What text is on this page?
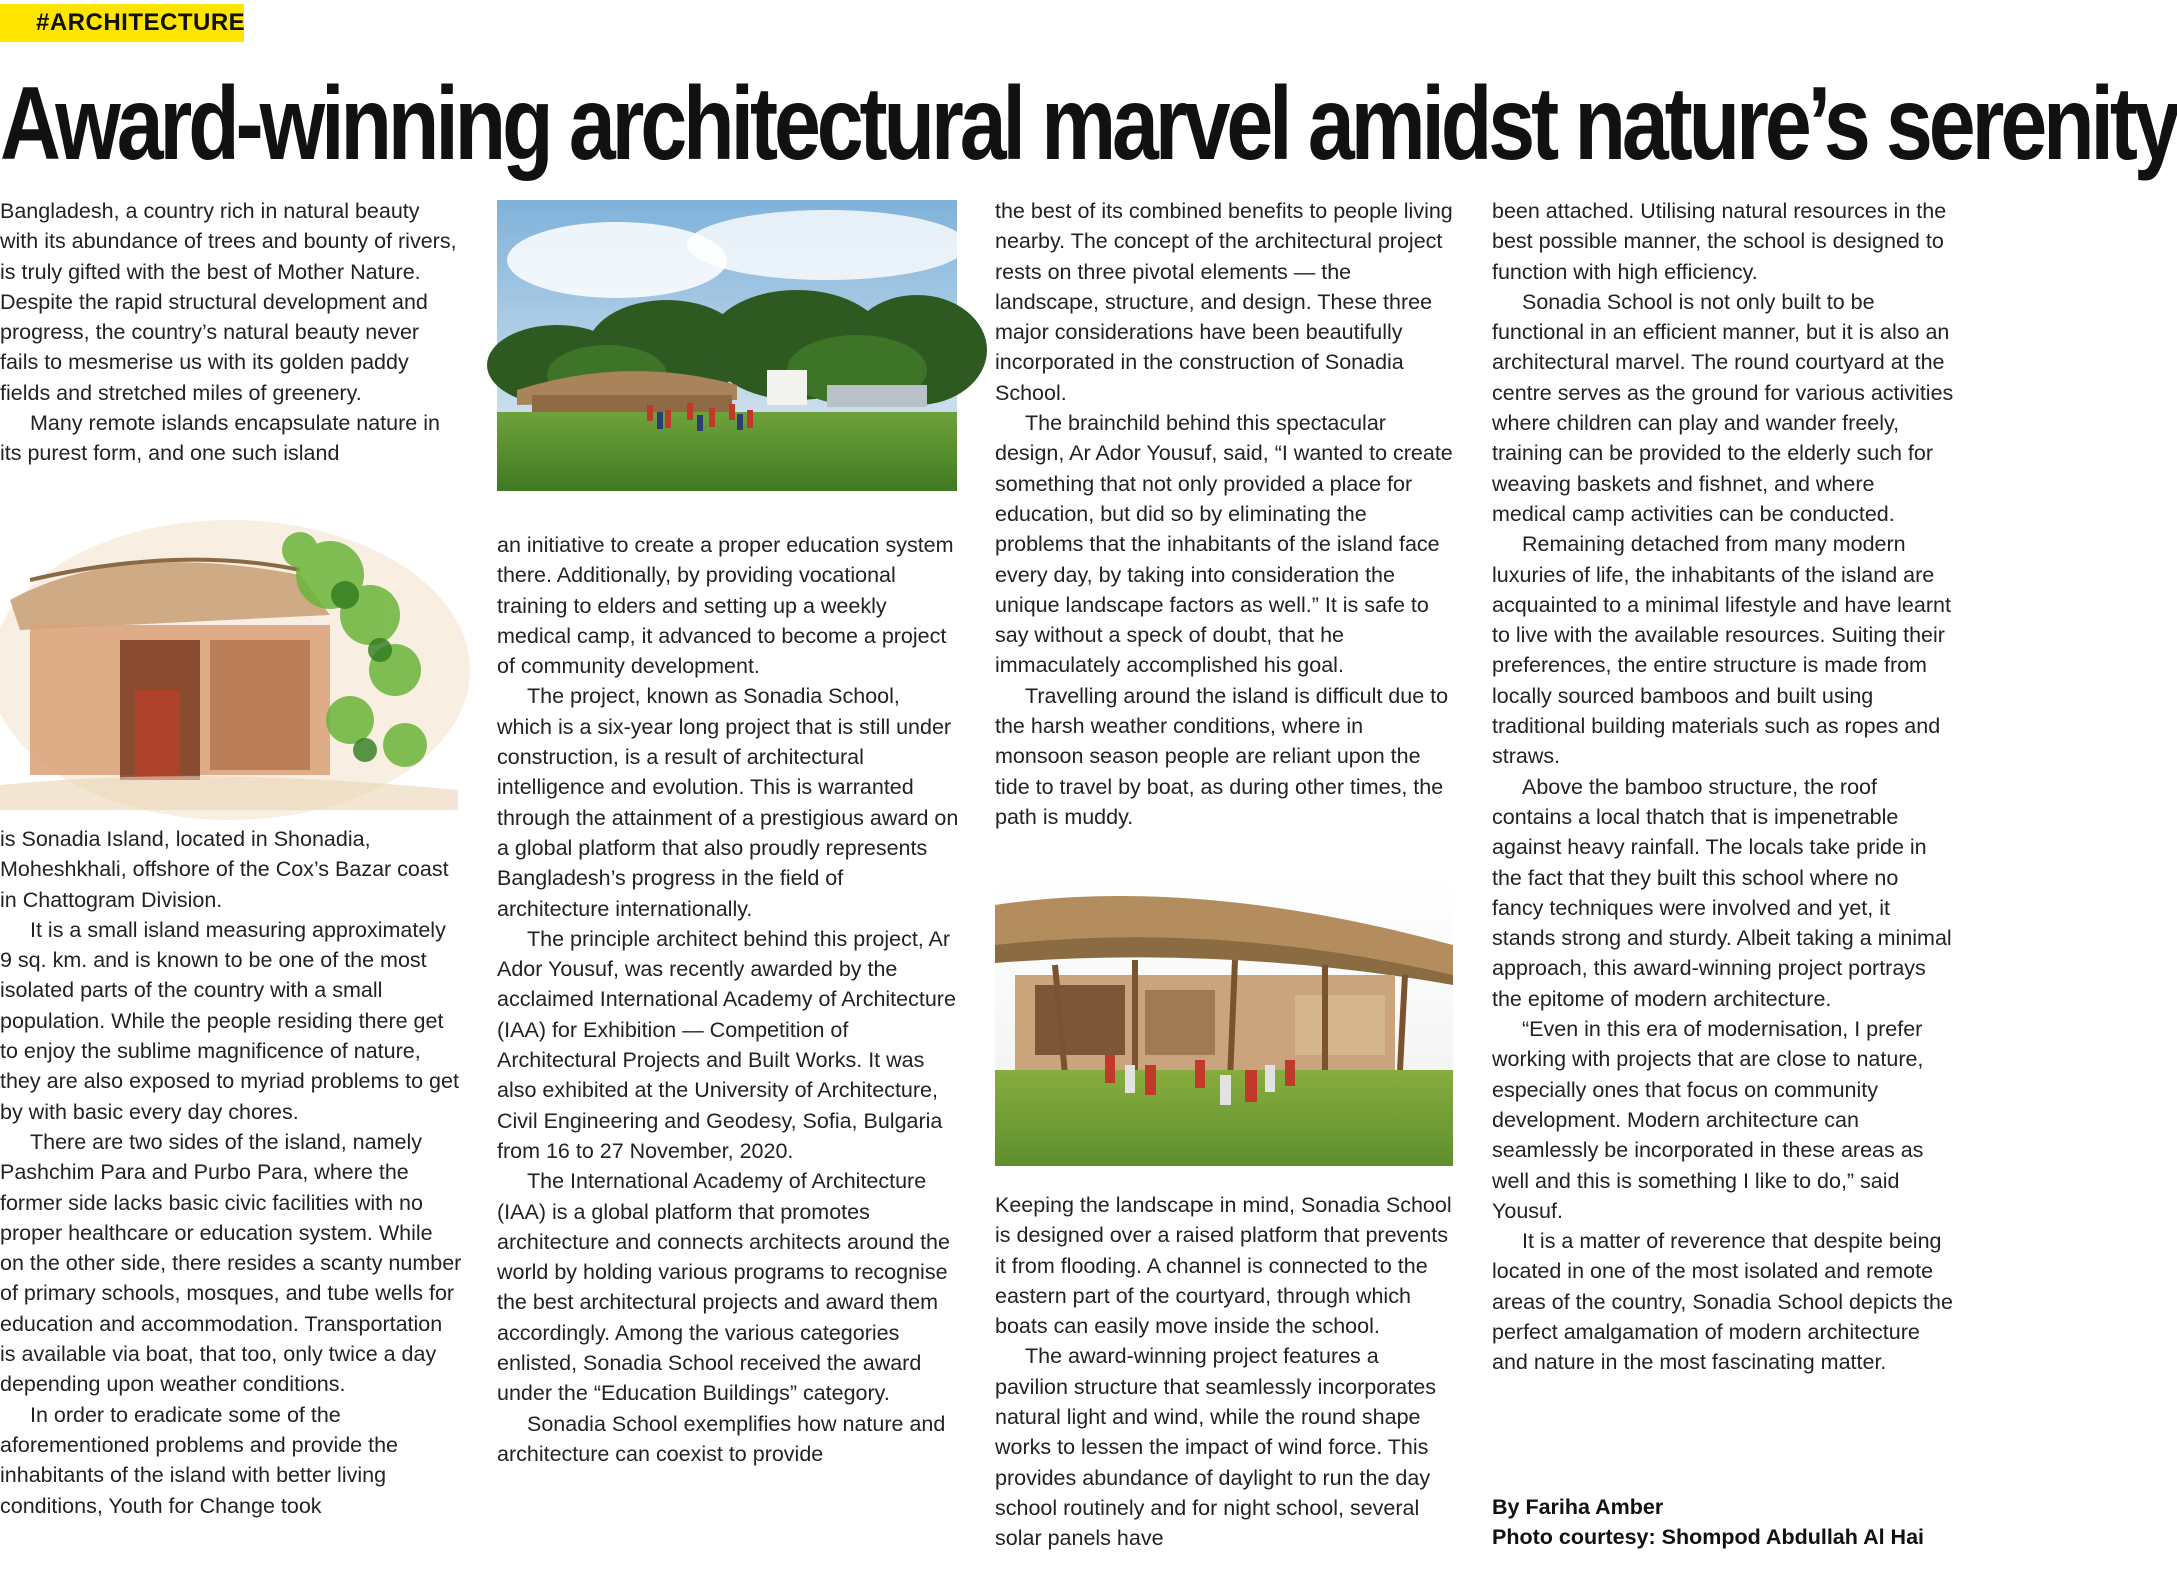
#ARCHITECTURE
Award-winning architectural marvel amidst nature’s serenity

Bangladesh, a country rich in natural beauty with its abundance of trees and bounty of rivers, is truly gifted with the best of Mother Nature. Despite the rapid structural development and progress, the country’s natural beauty never fails to mesmerise us with its golden paddy fields and stretched miles of greenery.

Many remote islands encapsulate nature in its purest form, and one such island

is Sonadia Island, located in Shonadia, Moheshkhali, offshore of the Cox’s Bazar coast in Chattogram Division.

It is a small island measuring approximately 9 sq. km. and is known to be one of the most isolated parts of the country with a small population. While the people residing there get to enjoy the sublime magnificence of nature, they are also exposed to myriad problems to get by with basic every day chores.

There are two sides of the island, namely Pashchim Para and Purbo Para, where the former side lacks basic civic facilities with no proper healthcare or education system. While on the other side, there resides a scanty number of primary schools, mosques, and tube wells for education and accommodation. Transportation is available via boat, that too, only twice a day depending upon weather conditions.

In order to eradicate some of the aforementioned problems and provide the inhabitants of the island with better living conditions, Youth for Change took

an initiative to create a proper education system there. Additionally, by providing vocational training to elders and setting up a weekly medical camp, it advanced to become a project of community development.

The project, known as Sonadia School, which is a six-year long project that is still under construction, is a result of architectural intelligence and evolution. This is warranted through the attainment of a prestigious award on a global platform that also proudly represents Bangladesh’s progress in the field of architecture internationally.

The principle architect behind this project, Ar Ador Yousuf, was recently awarded by the acclaimed International Academy of Architecture (IAA) for Exhibition — Competition of Architectural Projects and Built Works. It was also exhibited at the University of Architecture, Civil Engineering and Geodesy, Sofia, Bulgaria from 16 to 27 November, 2020.

The International Academy of Architecture (IAA) is a global platform that promotes architecture and connects architects around the world by holding various programs to recognise the best architectural projects and award them accordingly. Among the various categories enlisted, Sonadia School received the award under the “Education Buildings” category.

Sonadia School exemplifies how nature and architecture can coexist to provide

the best of its combined benefits to people living nearby. The concept of the architectural project rests on three pivotal elements — the landscape, structure, and design. These three major considerations have been beautifully incorporated in the construction of Sonadia School.

The brainchild behind this spectacular design, Ar Ador Yousuf, said, “I wanted to create something that not only provided a place for education, but did so by eliminating the problems that the inhabitants of the island face every day, by taking into consideration the unique landscape factors as well.” It is safe to say without a speck of doubt, that he immaculately accomplished his goal.

Travelling around the island is difficult due to the harsh weather conditions, where in monsoon season people are reliant upon the tide to travel by boat, as during other times, the path is muddy.

Keeping the landscape in mind, Sonadia School is designed over a raised platform that prevents it from flooding. A channel is connected to the eastern part of the courtyard, through which boats can easily move inside the school.

The award-winning project features a pavilion structure that seamlessly incorporates natural light and wind, while the round shape works to lessen the impact of wind force. This provides abundance of daylight to run the day school routinely and for night school, several solar panels have

been attached. Utilising natural resources in the best possible manner, the school is designed to function with high efficiency.

Sonadia School is not only built to be functional in an efficient manner, but it is also an architectural marvel. The round courtyard at the centre serves as the ground for various activities where children can play and wander freely, training can be provided to the elderly such for weaving baskets and fishnet, and where medical camp activities can be conducted.

Remaining detached from many modern luxuries of life, the inhabitants of the island are acquainted to a minimal lifestyle and have learnt to live with the available resources. Suiting their preferences, the entire structure is made from locally sourced bamboos and built using traditional building materials such as ropes and straws.

Above the bamboo structure, the roof contains a local thatch that is impenetrable against heavy rainfall. The locals take pride in the fact that they built this school where no fancy techniques were involved and yet, it stands strong and sturdy. Albeit taking a minimal approach, this award-winning project portrays the epitome of modern architecture.

“Even in this era of modernisation, I prefer working with projects that are close to nature, especially ones that focus on community development. Modern architecture can seamlessly be incorporated in these areas as well and this is something I like to do,” said Yousuf.

It is a matter of reverence that despite being located in one of the most isolated and remote areas of the country, Sonadia School depicts the perfect amalgamation of modern architecture and nature in the most fascinating matter.

By Fariha Amber

Photo courtesy: Shompod Abdullah Al Hai
